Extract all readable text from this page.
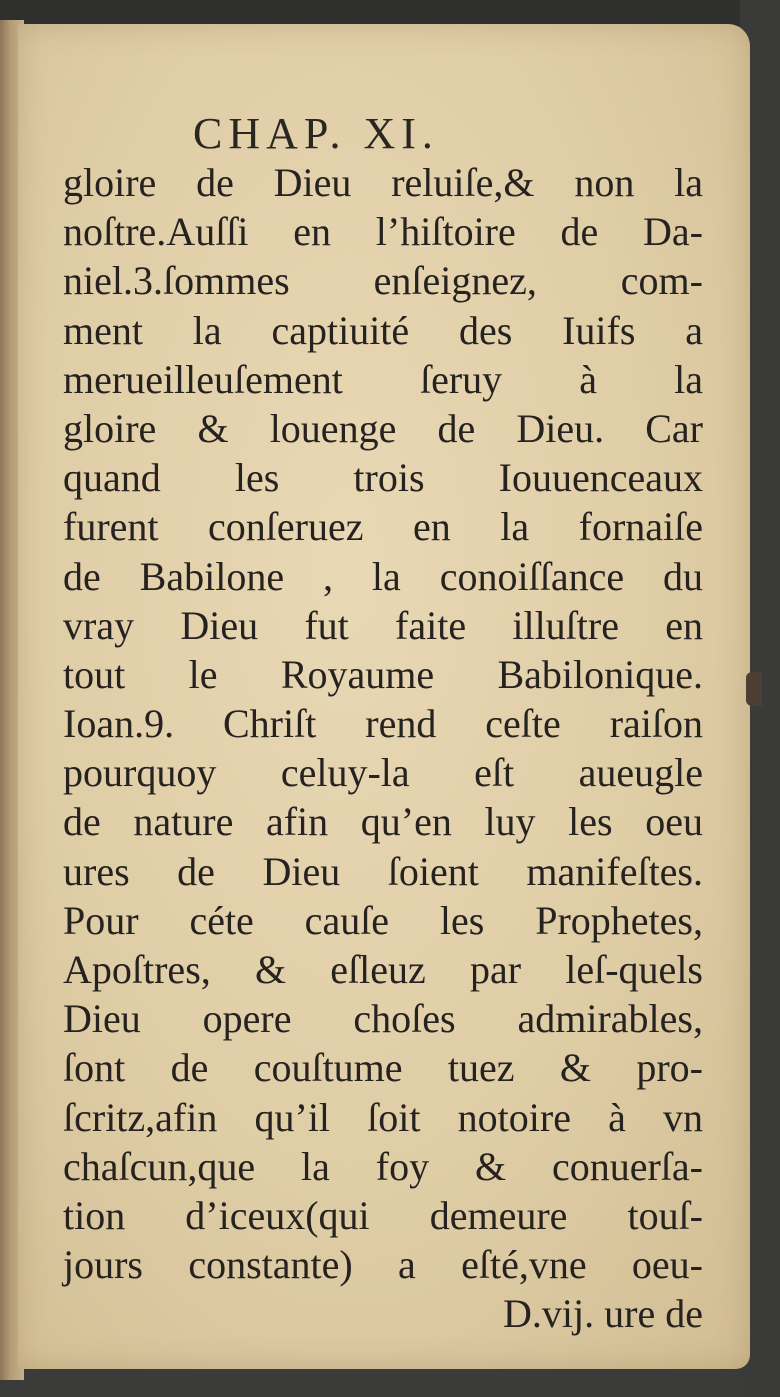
CHAP. XI.
gloire de Dieu reluiſe,& non la
noſtre.Auſſi en l’hiſtoire de Da-
niel.3.ſommes enſeignez, com-
ment la captiuité des Iuifs a
merueilleuſement ſeruy à la
gloire & louenge de Dieu. Car
quand les trois Iouuenceaux
furent conſeruez en la fornaiſe
de Babilone , la conoiſſance du
vray Dieu fut faite illuſtre en
tout le Royaume Babilonique.
Ioan.9. Chriſt rend ceſte raiſon
pourquoy celuy-la eſt aueugle
de nature afin qu’en luy les oeu
ures de Dieu ſoient manifeſtes.
Pour céte cauſe les Prophetes,
Apoſtres, & eſleuz par leſ-quels
Dieu opere choſes admirables,
ſont de couſtume tuez & pro-
ſcritz,afin qu’il ſoit notoire à vn
chaſcun,que la foy & conuerſa-
tion d’iceux(qui demeure touſ-
jours constante) a eſté,vne oeu-
D.vij. ure de
